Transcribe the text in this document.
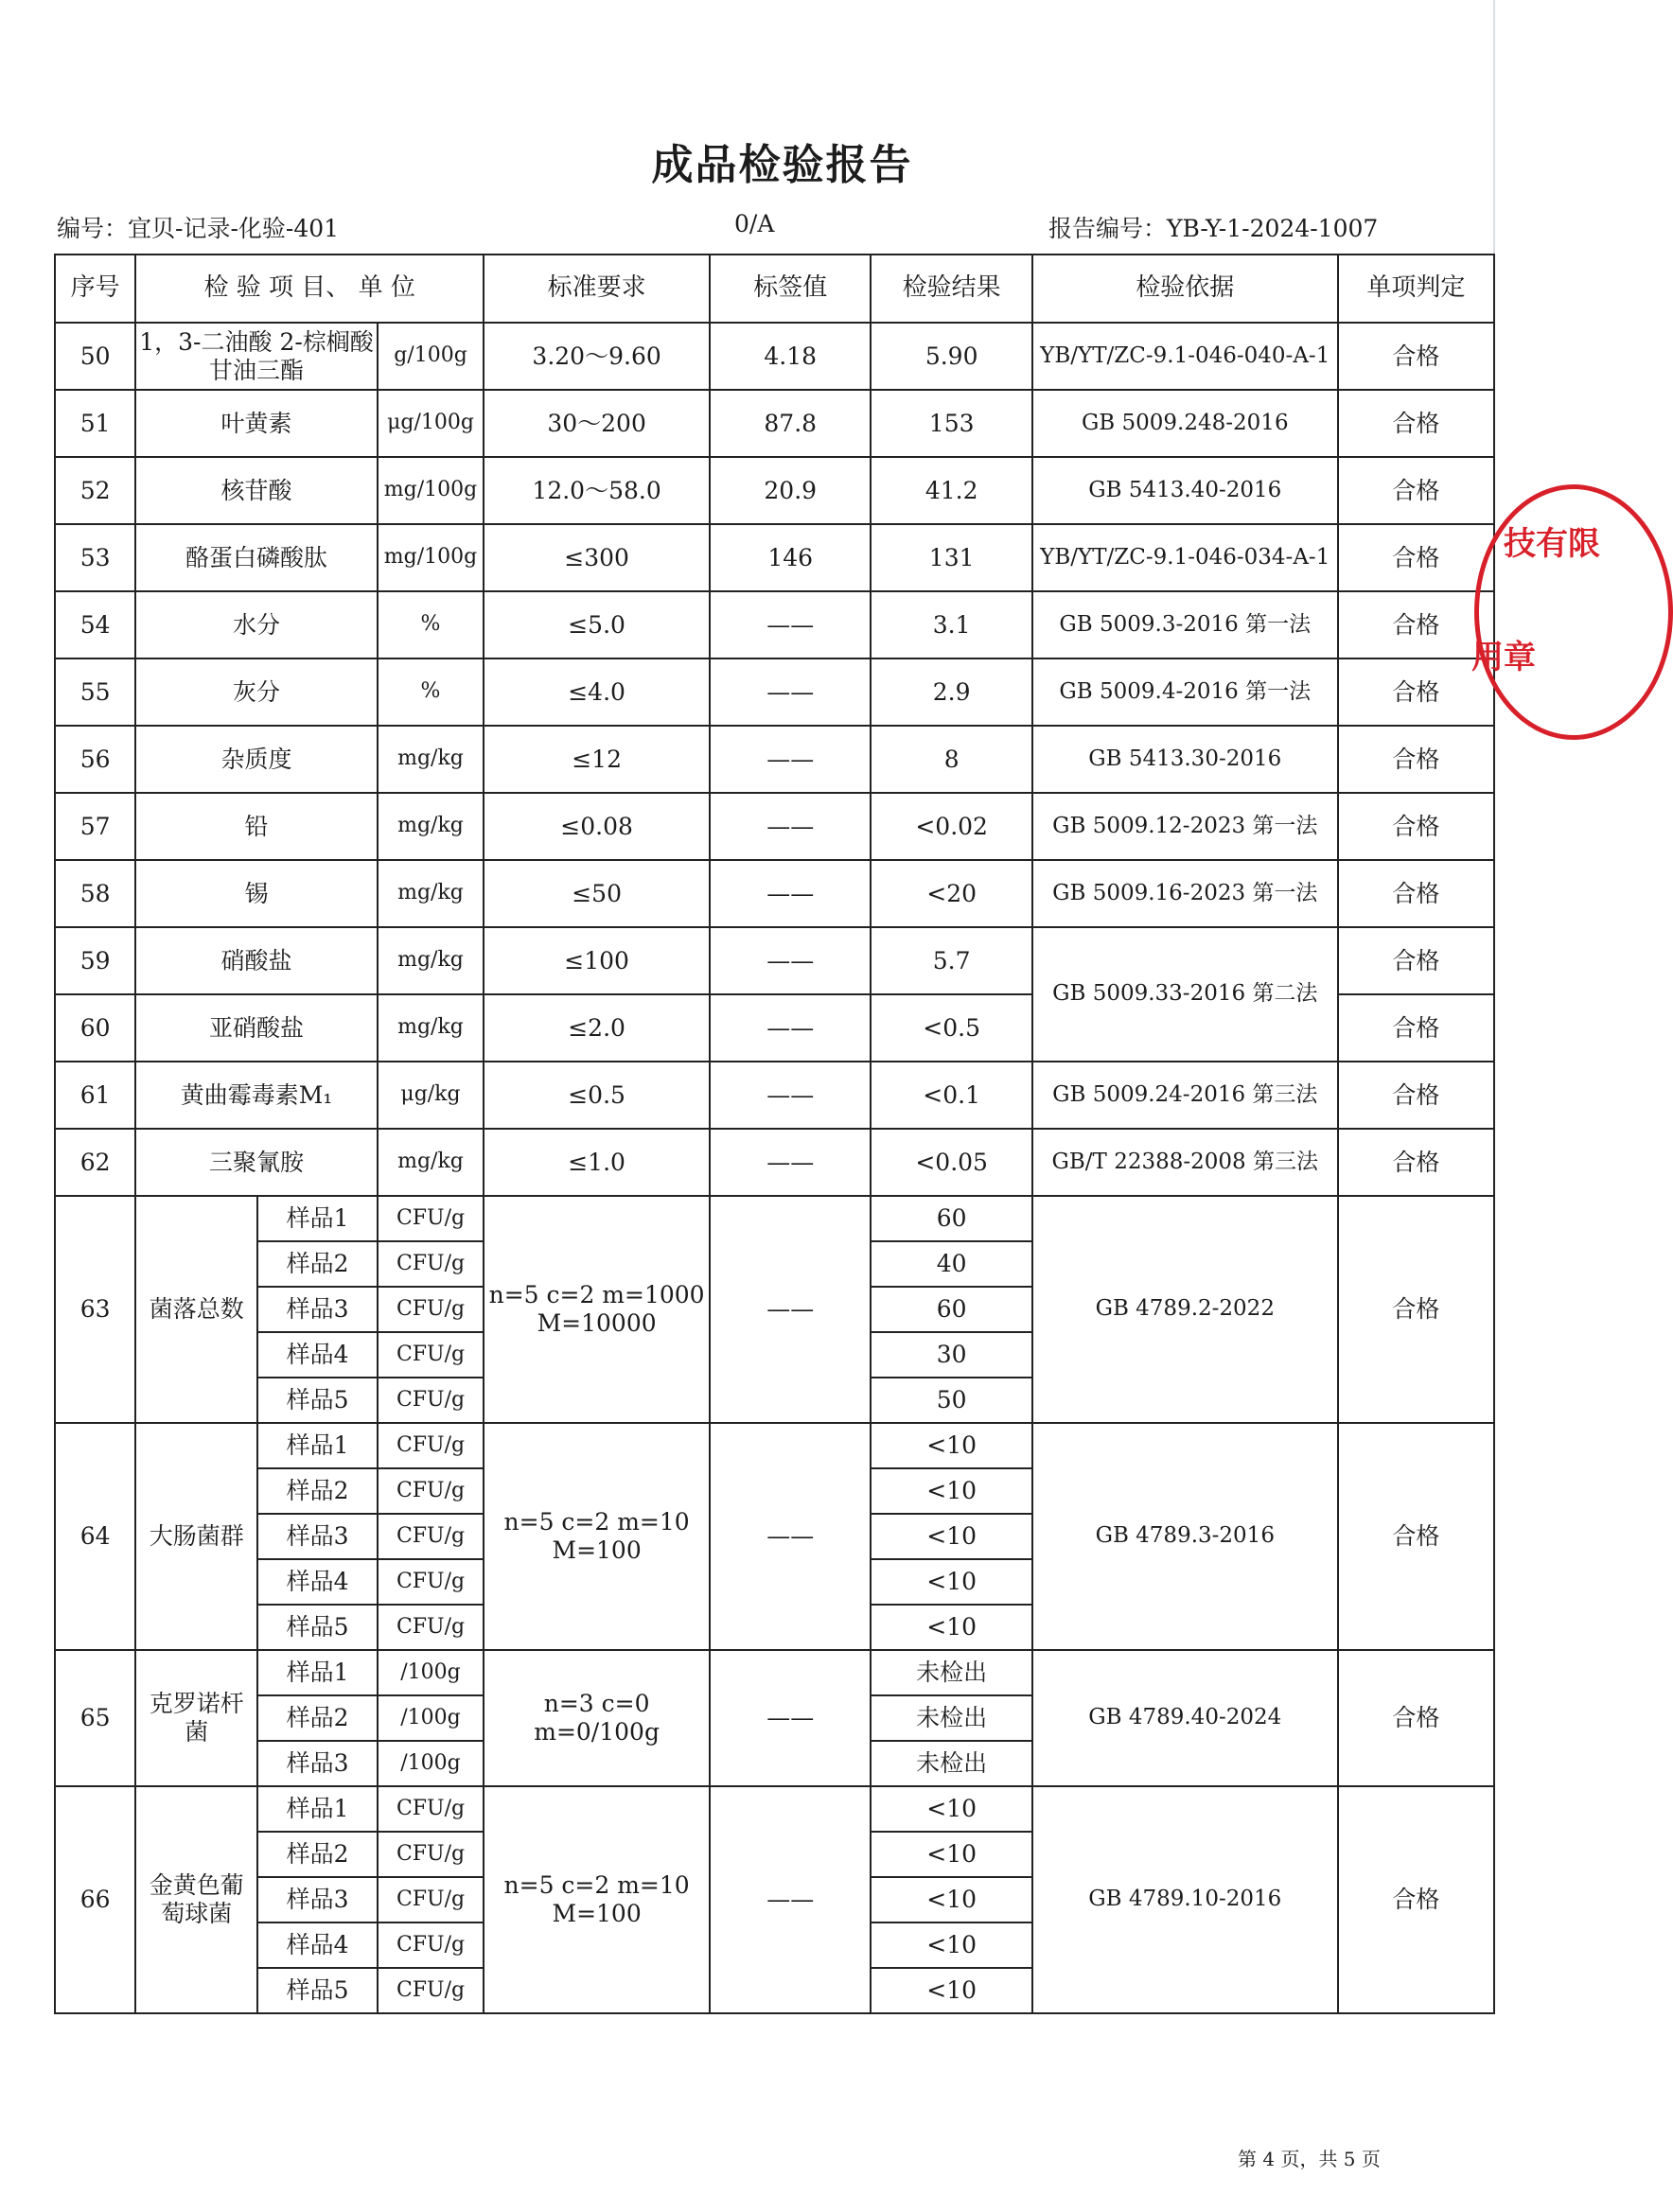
成品检验报告
编号：宜贝-记录-化验-401	0/A	报告编号：YB-Y-1-2024-1007
序号	检 验 项 目、 单 位			标准要求	标签值	检验结果	检验依据	单项判定
50	1，3-二油酸 2-棕榈酸甘油三酯		g/100g	3.20～9.60	4.18	5.90	YB/YT/ZC-9.1-046-040-A-1	合格
51	叶黄素		μg/100g	30～200	87.8	153	GB 5009.248-2016	合格
52	核苷酸		mg/100g	12.0～58.0	20.9	41.2	GB 5413.40-2016	合格
53	酪蛋白磷酸肽		mg/100g	≤300	146	131	YB/YT/ZC-9.1-046-034-A-1	合格
54	水分		%	≤5.0	——	3.1	GB 5009.3-2016 第一法	合格
55	灰分		%	≤4.0	——	2.9	GB 5009.4-2016 第一法	合格
56	杂质度		mg/kg	≤12	——	8	GB 5413.30-2016	合格
57	铅		mg/kg	≤0.08	——	<0.02	GB 5009.12-2023 第一法	合格
58	锡		mg/kg	≤50	——	<20	GB 5009.16-2023 第一法	合格
59	硝酸盐		mg/kg	≤100	——	5.7	GB 5009.33-2016 第二法	合格
60	亚硝酸盐		mg/kg	≤2.0	——	<0.5		合格
61	黄曲霉毒素M₁		μg/kg	≤0.5	——	<0.1	GB 5009.24-2016 第三法	合格
62	三聚氰胺		mg/kg	≤1.0	——	<0.05	GB/T 22388-2008 第三法	合格
63	菌落总数	样品1	CFU/g	n=5 c=2 m=1000 M=10000	——	60	GB 4789.2-2022	合格
		样品2	CFU/g			40		
		样品3	CFU/g			60		
		样品4	CFU/g			30		
		样品5	CFU/g			50		
64	大肠菌群	样品1	CFU/g	n=5 c=2 m=10 M=100	——	<10	GB 4789.3-2016	合格
		样品2	CFU/g			<10		
		样品3	CFU/g			<10		
		样品4	CFU/g			<10		
		样品5	CFU/g			<10		
65	克罗诺杆菌	样品1	/100g	n=3 c=0 m=0/100g	——	未检出	GB 4789.40-2024	合格
		样品2	/100g			未检出		
		样品3	/100g			未检出		
66	金黄色葡萄球菌	样品1	CFU/g	n=5 c=2 m=10 M=100	——	<10	GB 4789.10-2016	合格
		样品2	CFU/g			<10		
		样品3	CFU/g			<10		
		样品4	CFU/g			<10		
		样品5	CFU/g			<10		
技有限
用章
第 4 页，共 5 页
